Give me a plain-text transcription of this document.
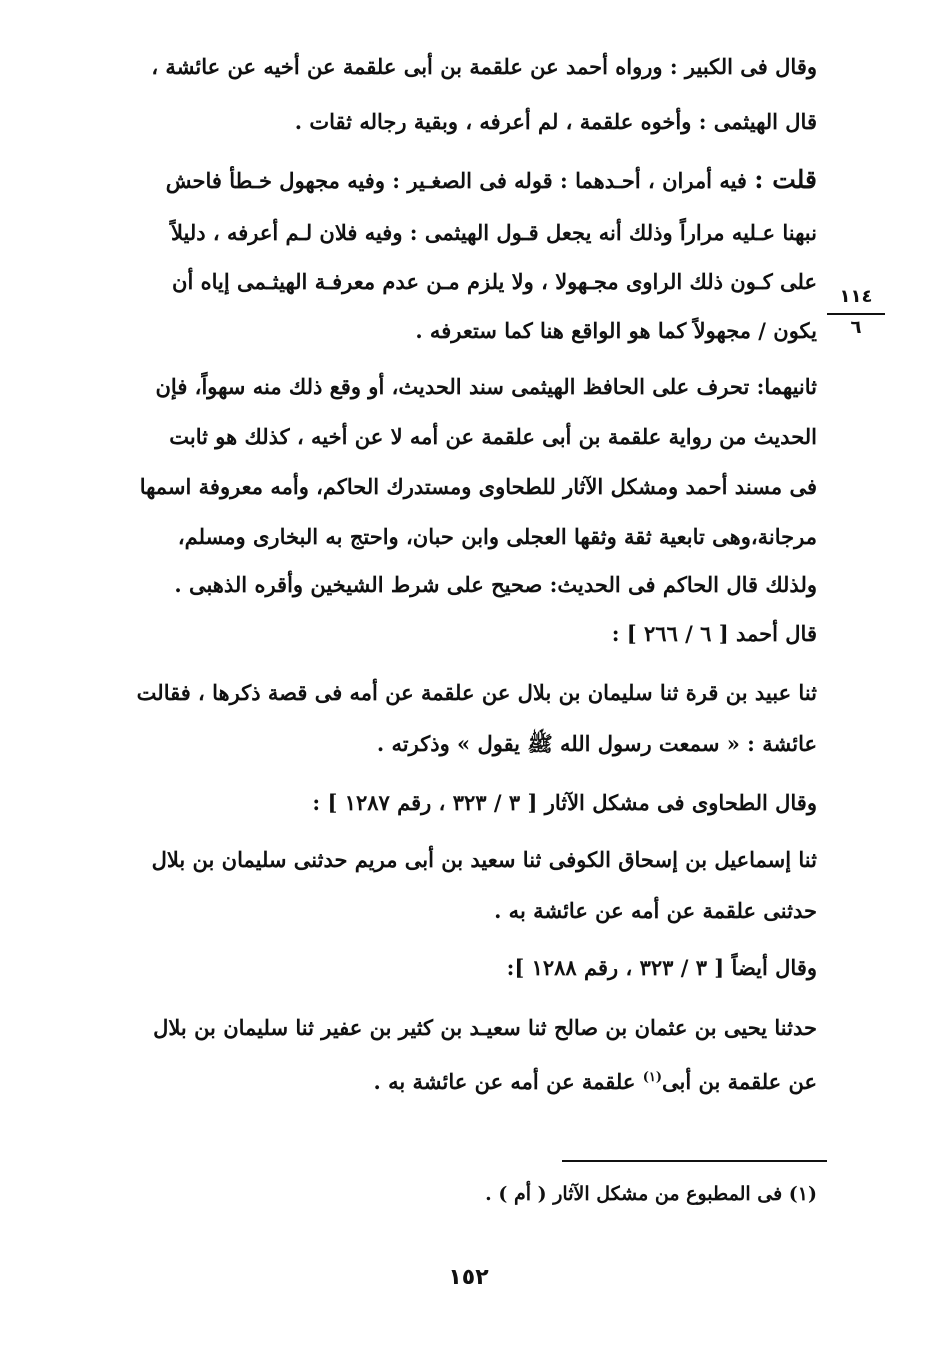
وقال فى الكبير : ورواه أحمد عن علقمة بن أبى علقمة عن أخيه عن عائشة ،
قال الهيثمى : وأخوه علقمة ، لم أعرفه ، وبقية رجاله ثقات .
قلت : فيه أمران ، أحـدهما : قوله فى الصغـير : وفيه مجهول خـطأ فاحش
نبهنا عـليه مراراً وذلك أنه يجعل قـول الهيثمى : وفيه فلان لـم أعرفه ، دليلاً
على كـون ذلك الراوى مجـهولا ، ولا يلزم مـن عدم معرفـة الهيثـمى إياه أن
يكون / مجهولاً كما هو الواقع هنا كما ستعرفه .
ثانيهما: تحرف على الحافظ الهيثمى سند الحديث، أو وقع ذلك منه سهواً، فإن
الحديث من رواية علقمة بن أبى علقمة عن أمه لا عن أخيه ، كذلك هو ثابت
فى مسند أحمد ومشكل الآثار للطحاوى ومستدرك الحاكم، وأمه معروفة اسمها
مرجانة،وهى تابعية ثقة وثقها العجلى وابن حبان، واحتج به البخارى ومسلم،
ولذلك قال الحاكم فى الحديث: صحيح على شرط الشيخين وأقره الذهبى .
قال أحمد [ ٦ / ٢٦٦ ] :
ثنا عبيد بن قرة ثنا سليمان بن بلال عن علقمة عن أمه فى قصة ذكرها ، فقالت
عائشة : « سمعت رسول الله ﷺ يقول » وذكرته .
وقال الطحاوى فى مشكل الآثار [ ٣ / ٣٢٣ ، رقم ١٢٨٧ ] :
ثنا إسماعيل بن إسحاق الكوفى ثنا سعيد بن أبى مريم حدثنى سليمان بن بلال
حدثنى علقمة عن أمه عن عائشة به .
وقال أيضاً [ ٣ / ٣٢٣ ، رقم ١٢٨٨ ]:
حدثنا يحيى بن عثمان بن صالح ثنا سعيـد بن كثير بن عفير ثنا سليمان بن بلال
عن علقمة بن أبى$^{(١)}$ علقمة عن أمه عن عائشة به .
١١٤
٦
(١) فى المطبوع من مشكل الآثار ( أم ) .
١٥٢
